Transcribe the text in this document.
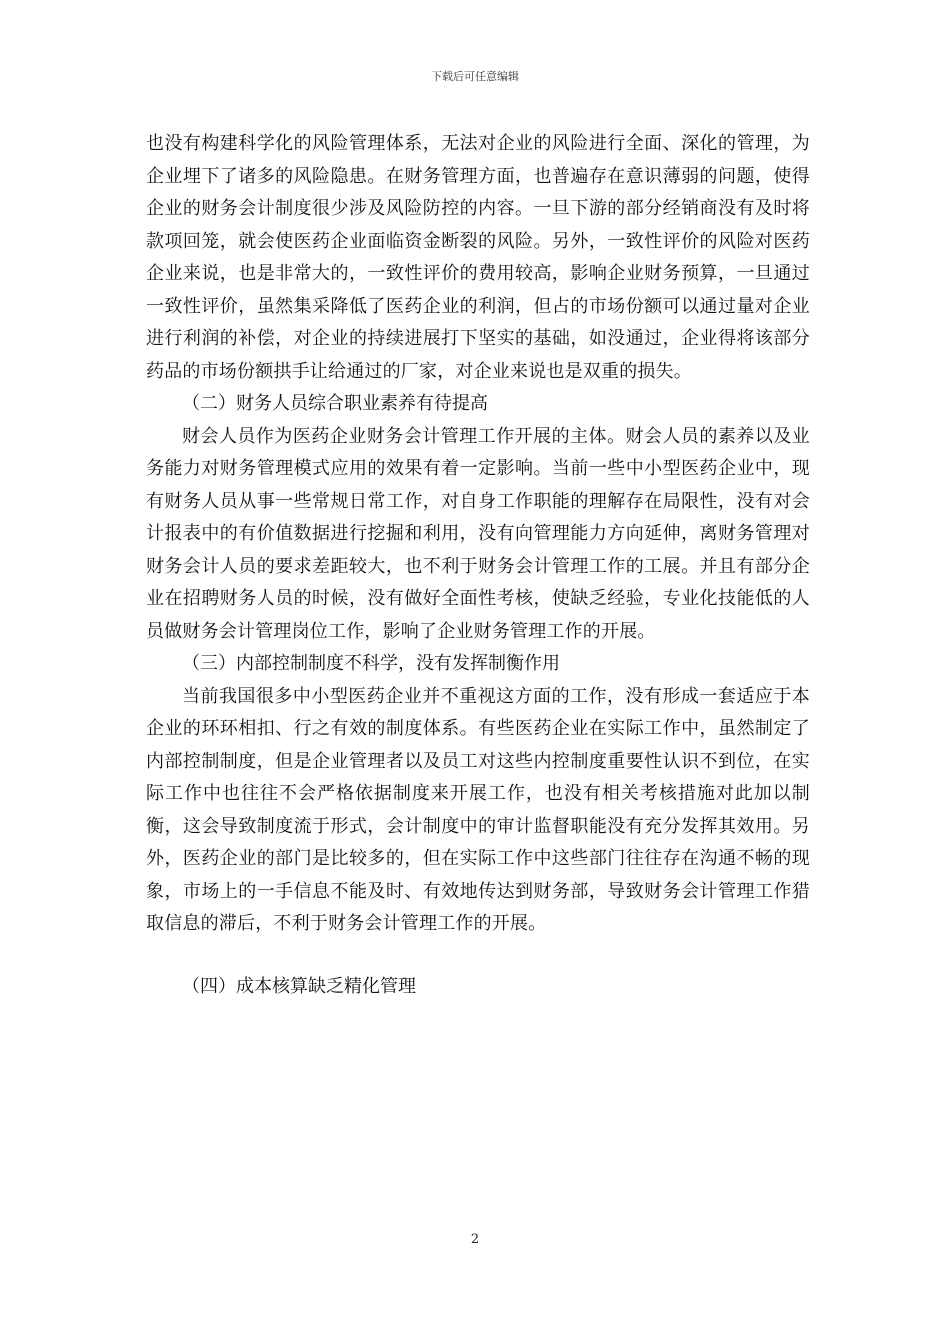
下载后可任意编辑

也没有构建科学化的风险管理体系，无法对企业的风险进行全面、深化的管理，为企业埋下了诸多的风险隐患。在财务管理方面，也普遍存在意识薄弱的问题，使得企业的财务会计制度很少涉及风险防控的内容。一旦下游的部分经销商没有及时将款项回笼，就会使医药企业面临资金断裂的风险。另外，一致性评价的风险对医药企业来说，也是非常大的，一致性评价的费用较高，影响企业财务预算，一旦通过一致性评价，虽然集采降低了医药企业的利润，但占的市场份额可以通过量对企业进行利润的补偿，对企业的持续进展打下坚实的基础，如没通过，企业得将该部分药品的市场份额拱手让给通过的厂家，对企业来说也是双重的损失。

（二）财务人员综合职业素养有待提高

财会人员作为医药企业财务会计管理工作开展的主体。财会人员的素养以及业务能力对财务管理模式应用的效果有着一定影响。当前一些中小型医药企业中，现有财务人员从事一些常规日常工作，对自身工作职能的理解存在局限性，没有对会计报表中的有价值数据进行挖掘和利用，没有向管理能力方向延伸，离财务管理对财务会计人员的要求差距较大，也不利于财务会计管理工作的工展。并且有部分企业在招聘财务人员的时候，没有做好全面性考核，使缺乏经验，专业化技能低的人员做财务会计管理岗位工作，影响了企业财务管理工作的开展。

（三）内部控制制度不科学，没有发挥制衡作用

当前我国很多中小型医药企业并不重视这方面的工作，没有形成一套适应于本企业的环环相扣、行之有效的制度体系。有些医药企业在实际工作中，虽然制定了内部控制制度，但是企业管理者以及员工对这些内控制度重要性认识不到位，在实际工作中也往往不会严格依据制度来开展工作，也没有相关考核措施对此加以制衡，这会导致制度流于形式，会计制度中的审计监督职能没有充分发挥其效用。另外，医药企业的部门是比较多的，但在实际工作中这些部门往往存在沟通不畅的现象，市场上的一手信息不能及时、有效地传达到财务部，导致财务会计管理工作猎取信息的滞后，不利于财务会计管理工作的开展。

（四）成本核算缺乏精化管理

2
